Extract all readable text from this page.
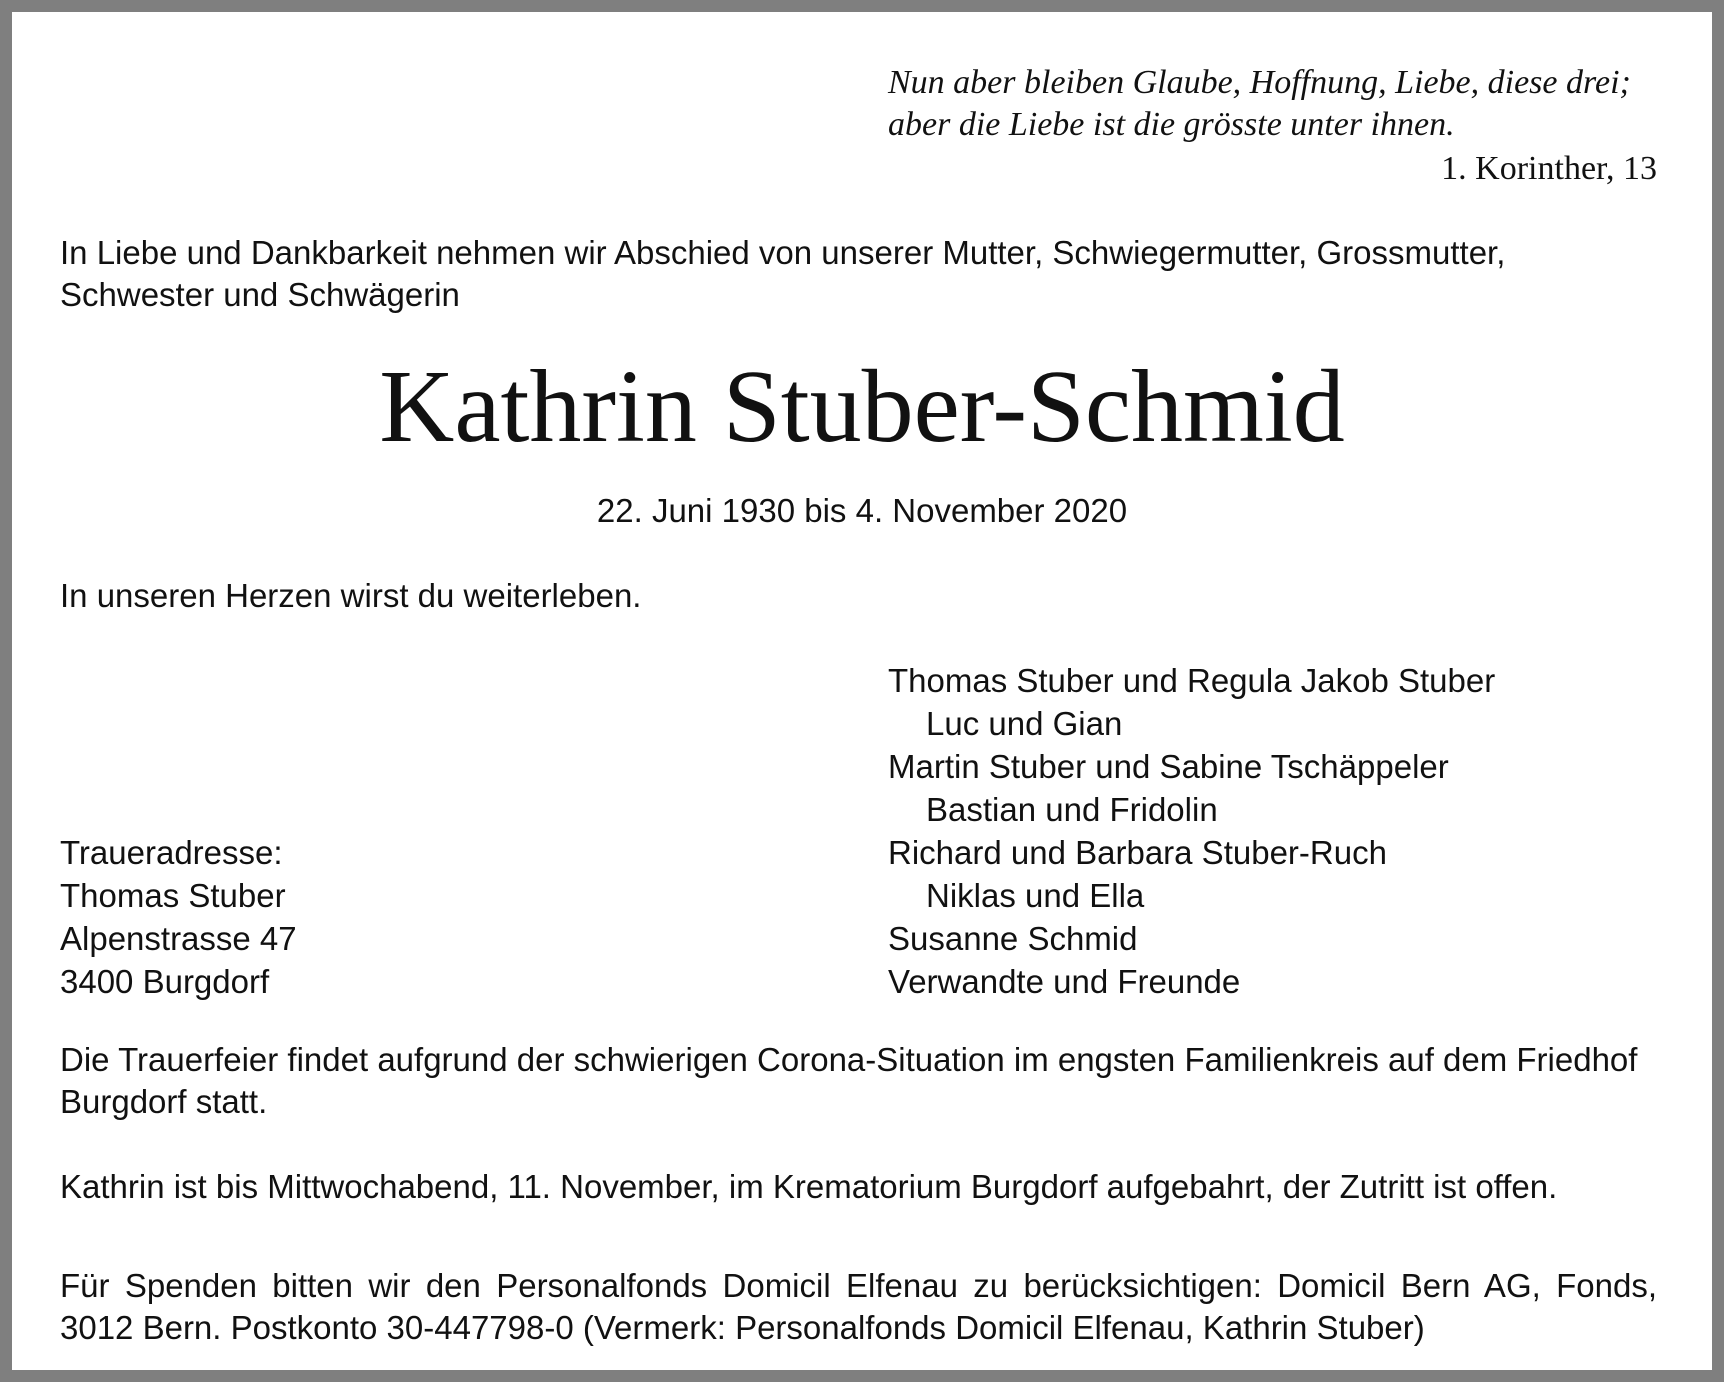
Nun aber bleiben Glaube, Hoffnung, Liebe, diese drei;
aber die Liebe ist die grösste unter ihnen.
1. Korinther, 13
In Liebe und Dankbarkeit nehmen wir Abschied von unserer Mutter, Schwiegermutter, Grossmutter, Schwester und Schwägerin
Kathrin Stuber-Schmid
22. Juni 1930 bis 4. November 2020
In unseren Herzen wirst du weiterleben.
Thomas Stuber und Regula Jakob Stuber
Luc und Gian
Martin Stuber und Sabine Tschäppeler
Bastian und Fridolin
Richard und Barbara Stuber-Ruch
Niklas und Ella
Susanne Schmid
Verwandte und Freunde
Traueradresse:
Thomas Stuber
Alpenstrasse 47
3400 Burgdorf
Die Trauerfeier findet aufgrund der schwierigen Corona-Situation im engsten Familienkreis auf dem Friedhof Burgdorf statt.
Kathrin ist bis Mittwochabend, 11. November, im Krematorium Burgdorf aufgebahrt, der Zutritt ist offen.
Für Spenden bitten wir den Personalfonds Domicil Elfenau zu berücksichtigen: Domicil Bern AG, Fonds, 3012 Bern. Postkonto 30-447798-0 (Vermerk: Personalfonds Domicil Elfenau, Kathrin Stuber)
